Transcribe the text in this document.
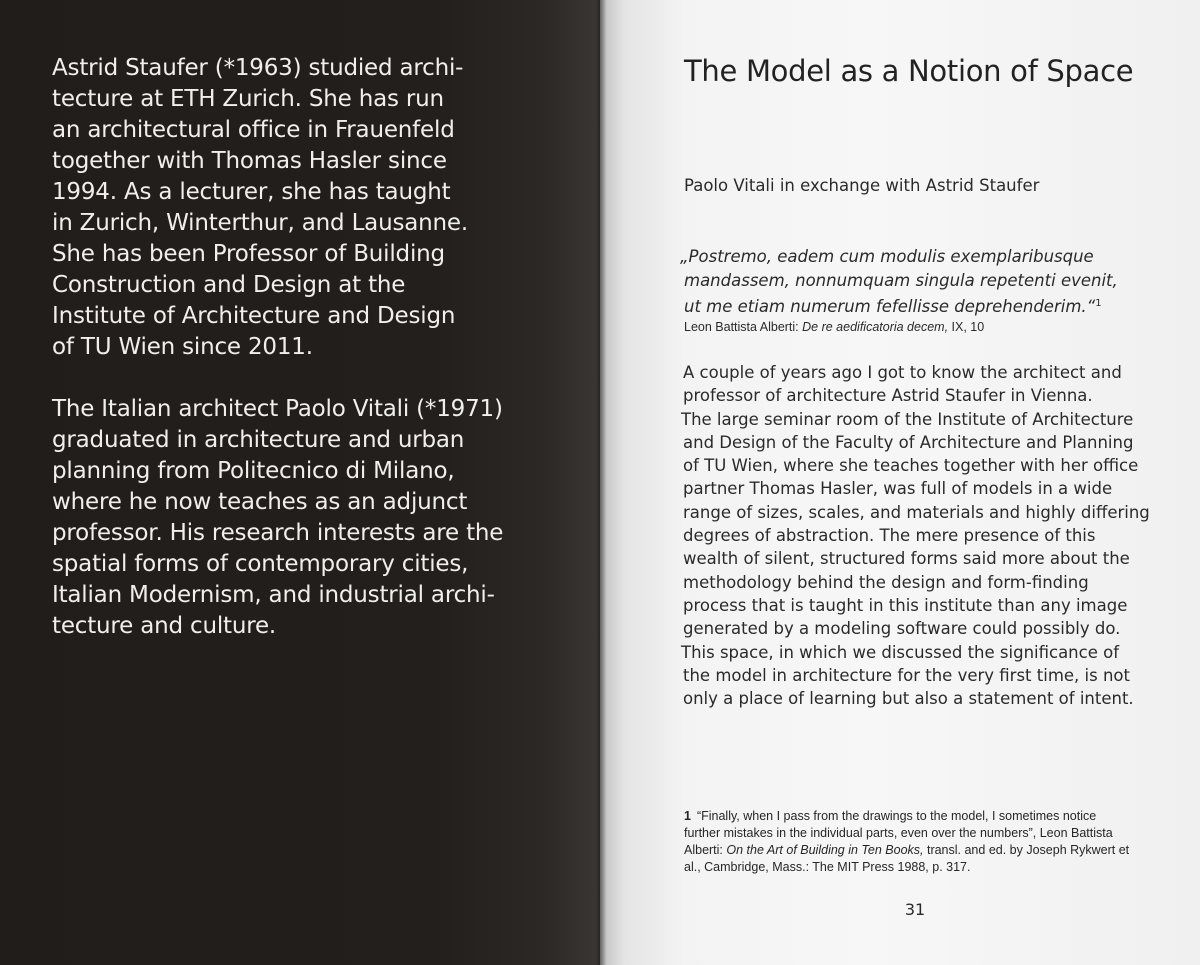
Astrid Staufer (*1963) studied archi-
tecture at ETH Zurich. She has run
an architectural office in Frauenfeld
together with Thomas Hasler since
1994. As a lecturer, she has taught
in Zurich, Winterthur, and Lausanne.
She has been Professor of Building
Construction and Design at the
Institute of Architecture and Design
of TU Wien since 2011.

The Italian architect Paolo Vitali (*1971)
graduated in architecture and urban
planning from Politecnico di Milano,
where he now teaches as an adjunct
professor. His research interests are the
spatial forms of contemporary cities,
Italian Modernism, and industrial archi-
tecture and culture.

The Model as a Notion of Space
Paolo Vitali in exchange with Astrid Staufer
„Postremo, eadem cum modulis exemplaribusque
mandassem, nonnumquam singula repetenti evenit,
ut me etiam numerum fefellisse deprehenderim.“$^1$
Leon Battista Alberti: De re aedificatoria decem, IX, 10
A couple of years ago I got to know the architect and
professor of architecture Astrid Staufer in Vienna.
The large seminar room of the Institute of Architecture
and Design of the Faculty of Architecture and Planning
of TU Wien, where she teaches together with her office
partner Thomas Hasler, was full of models in a wide
range of sizes, scales, and materials and highly differing
degrees of abstraction. The mere presence of this
wealth of silent, structured forms said more about the
methodology behind the design and form-finding
process that is taught in this institute than any image
generated by a modeling software could possibly do.
This space, in which we discussed the significance of
the model in architecture for the very first time, is not
only a place of learning but also a statement of intent.
1 “Finally, when I pass from the drawings to the model, I sometimes notice
further mistakes in the individual parts, even over the numbers”, Leon Battista
Alberti: On the Art of Building in Ten Books, transl. and ed. by Joseph Rykwert et
al., Cambridge, Mass.: The MIT Press 1988, p. 317.
31
